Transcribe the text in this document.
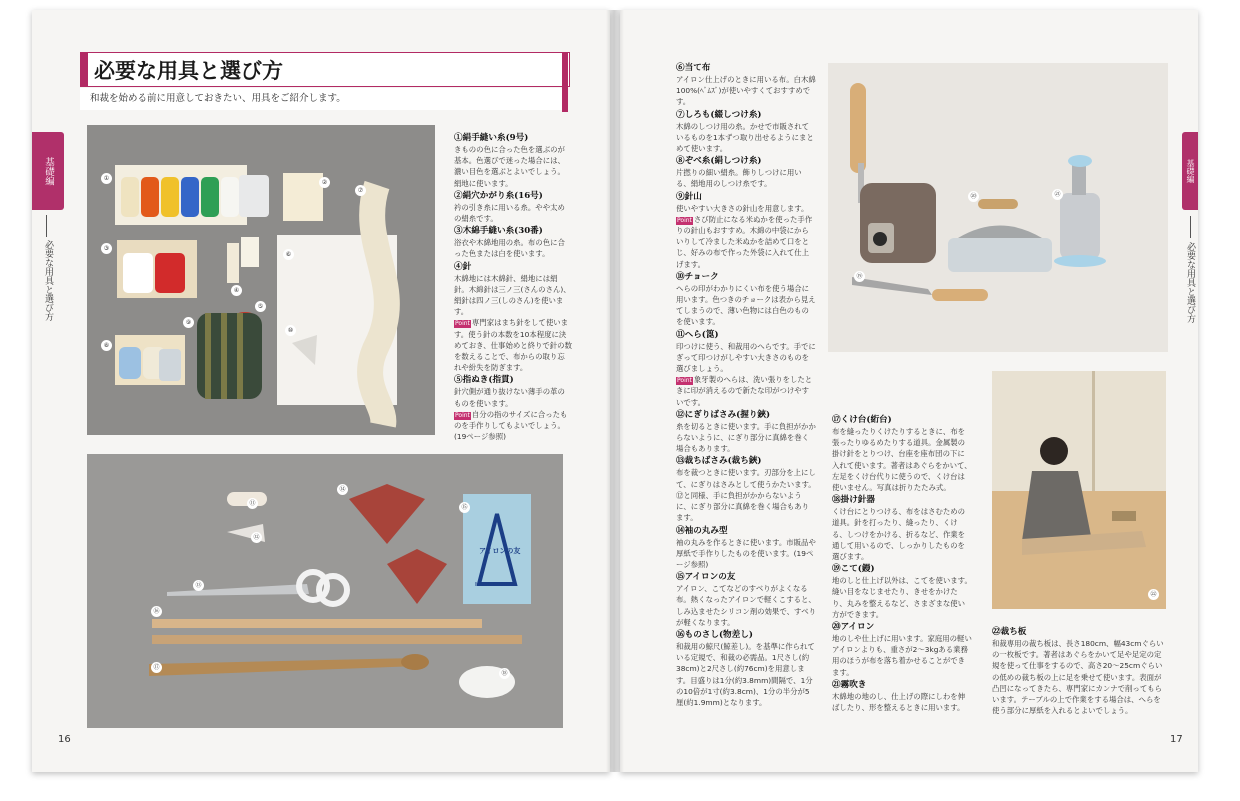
必要な用具と選び方
和裁を始める前に用意しておきたい、用具をご紹介します。
①
②
③
④
⑤
⑥
⑦
⑧
⑨
⑩
①絹手縫い糸(9号)
きものの色に合った色を選ぶのが基本。色選びで迷った場合には、濃い目色を選ぶとよいでしょう。絹地に使います。
②絹穴かがり糸(16号)
衿の引き糸に用いる糸。やや太めの絹糸です。
③木綿手縫い糸(30番)
浴衣や木綿地用の糸。布の色に合った色または白を使います。
④針
木綿地には木綿針、絹地には絹針。木綿針は三ノ三(さんのさん)、絹針は四ノ三(しのさん)を使います。
Point 専門家はまち針をして使います。使う針の本数を10本程度に決めておき、仕事始めと終りで針の数を数えることで、布からの取り忘れや紛失を防ぎます。
⑤指ぬき(指貫)
針穴側が通り抜けない薄手の革のものを使います。
Point 自分の指のサイズに合ったものを手作りしてもよいでしょう。(19ページ参照)
⑪
⑫
⑬
⑭
⑮
⑯
⑰
⑱
アイロンの友
MAGIC CLOTH
基礎編
必要な用具と選び方
16
⑥当て布
アイロン仕上げのときに用いる布。白木綿100%(ﾍﾞﾑｽﾞ)が使いやすくておすすめです。
⑦しろも(綴しつけ糸)
木綿のしつけ用の糸。かせで市販されているものを1本ずつ取り出せるようにまとめて使います。
⑧ぞべ糸(絹しつけ糸)
片撚りの細い絹糸。飾りしつけに用いる、絹地用のしつけ糸です。
⑨針山
使いやすい大きさの針山を用意します。
Point さび防止になる米ぬかを使った手作りの針山もおすすめ。木綿の中袋にからいりして冷ました米ぬかを詰めて口をとじ、好みの布で作った外袋に入れて仕上げます。
⑩チョーク
へらの印がわかりにくい布を使う場合に用います。色つきのチョークは表から見えてしまうので、薄い色物には白色のものを使います。
⑪へら(箆)
印つけに使う、和裁用のへらです。手でにぎって印つけがしやすい大きさのものを選びましょう。
Point 象牙製のへらは、洗い張りをしたときに印が消えるので新たな印がつけやすいです。
⑫にぎりばさみ(握り鋏)
糸を切るときに使います。手に負担がかからないように、にぎり部分に真綿を巻く場合もあります。
⑬裁ちばさみ(裁ち鋏)
布を裁つときに使います。刃部分を上にして、にぎりはさみとして使うかたいます。⑫と同様、手に負担がかからないように、にぎり部分に真綿を巻く場合もあります。
⑭袖の丸み型
袖の丸みを作るときに使います。市販品や厚紙で手作りしたものを使います。(19ページ参照)
⑮アイロンの友
アイロン、こてなどのすべりがよくなる布。熱くなったアイロンで軽くこすると、しみ込ませたシリコン剤の効果で、すべりが軽くなります。
⑯ものさし(物差し)
和裁用の鯨尺(鯨差し)。を基準に作られている定規で、和裁の必需品。1尺さし(約38cm)と2尺さし(約76cm)を用意します。目盛りは1分(約3.8mm)間隔で、1分の10倍が1寸(約3.8cm)、1分の半分が5厘(約1.9mm)となります。
⑳
⑲
㉑
⑰くけ台(絎台)
布を縫ったりくけたりするときに、布を張ったりゆるめたりする道具。金属製の掛け針をとりつけ、台座を座布団の下に入れて使います。著者はあぐらをかいて、左足をくけ台代りに使うので、くけ台は使いません。写真は折りたたみ式。
⑱掛け針器
くけ台にとりつける、布をはさむための道具。針を打ったり、縫ったり、くける、しつけをかける、折るなど、作業を通して用いるので、しっかりしたものを選びます。
⑲こて(鏝)
地のしと仕上げ以外は、こてを使います。縫い目をなじませたり、きせをかけたり、丸みを整えるなど、さまざまな使い方ができます。
⑳アイロン
地のしや仕上げに用います。家庭用の軽いアイロンよりも、重さが2～3kgある業務用のほうが布を落ち着かせることができます。
㉑霧吹き
木綿地の地のし、仕上げの際にしわを伸ばしたり、形を整えるときに用います。
㉒
㉒裁ち板
和裁専用の裁ち板は、長さ180cm、幅43cmぐらいの一枚板です。著者はあぐらをかいて足や足定の定規を使って仕事をするので、高さ20～25cmぐらいの低めの裁ち板の上に足を乗せて使います。表面が凸凹になってきたら、専門家にカンナで削ってもらいます。テーブルの上で作業をする場合は、へらを使う部分に厚紙を入れるとよいでしょう。
基礎編
必要な用具と選び方
17
